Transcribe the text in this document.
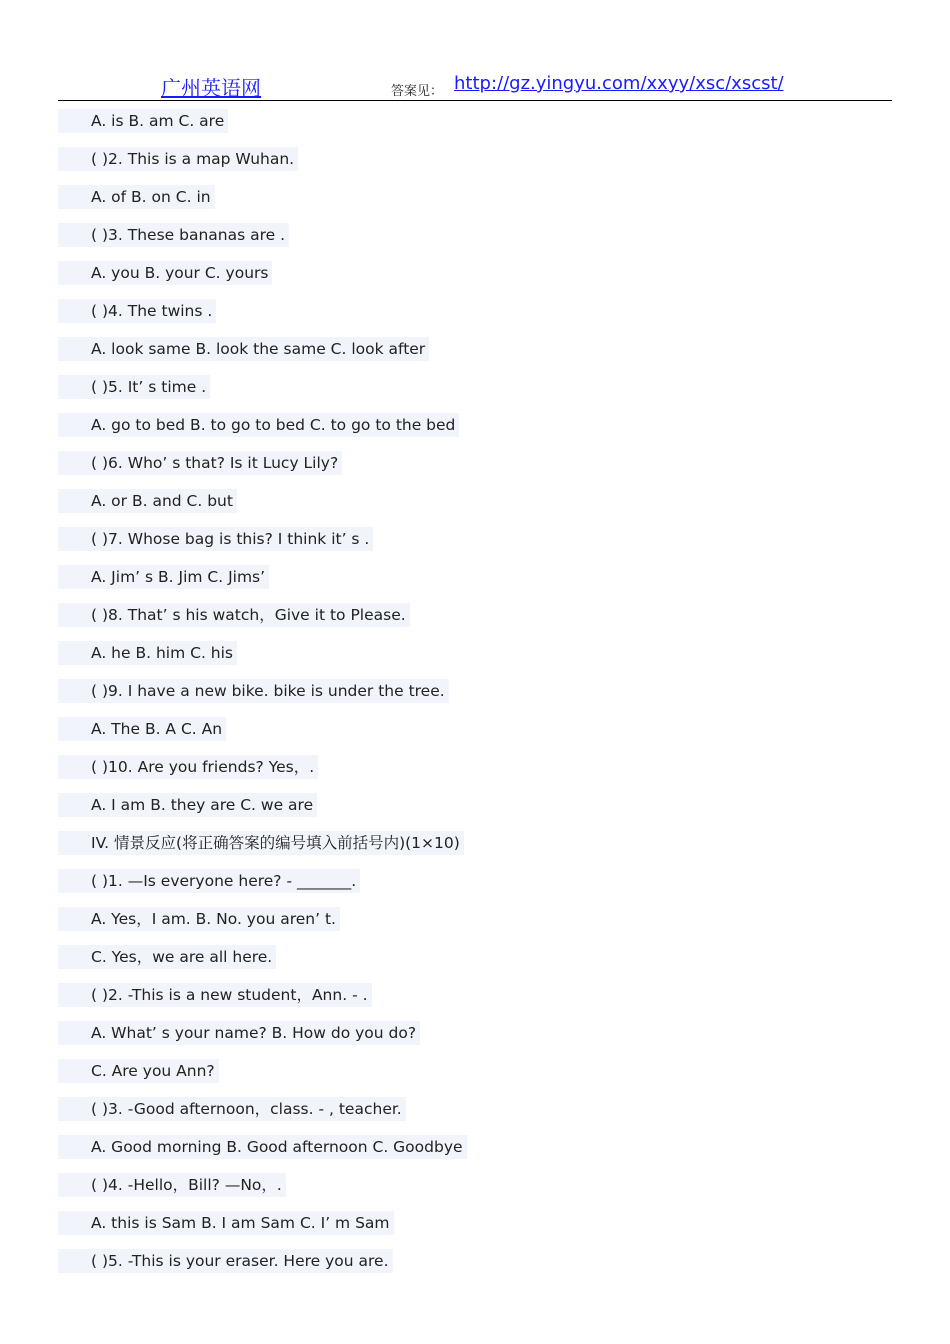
广州英语网	答案见： http://gz.yingyu.com/xxyy/xsc/xscst/
A. is B. am C. are
( )2. This is a map Wuhan.
A. of B. on C. in
( )3. These bananas are .
A. you B. your C. yours
( )4. The twins .
A. look same B. look the same C. look after
( )5. It’ s time .
A. go to bed B. to go to bed C. to go to the bed
( )6. Who’ s that? Is it Lucy Lily?
A. or B. and C. but
( )7. Whose bag is this? I think it’ s .
A. Jim’ s B. Jim C. Jims’
( )8. That’ s his watch，Give it to Please.
A. he B. him C. his
( )9. I have a new bike. bike is under the tree.
A. The B. A C. An
( )10. Are you friends? Yes，.
A. I am B. they are C. we are
IV. 情景反应(将正确答案的编号填入前括号内)(1×10)
( )1. —Is everyone here? - _______.
A. Yes，I am. B. No. you aren’ t.
C. Yes，we are all here.
( )2. -This is a new student，Ann. - .
A. What’ s your name? B. How do you do?
C. Are you Ann?
( )3. -Good afternoon，class. - , teacher.
A. Good morning B. Good afternoon C. Goodbye
( )4. -Hello，Bill? —No，.
A. this is Sam B. I am Sam C. I’ m Sam
( )5. -This is your eraser. Here you are.
